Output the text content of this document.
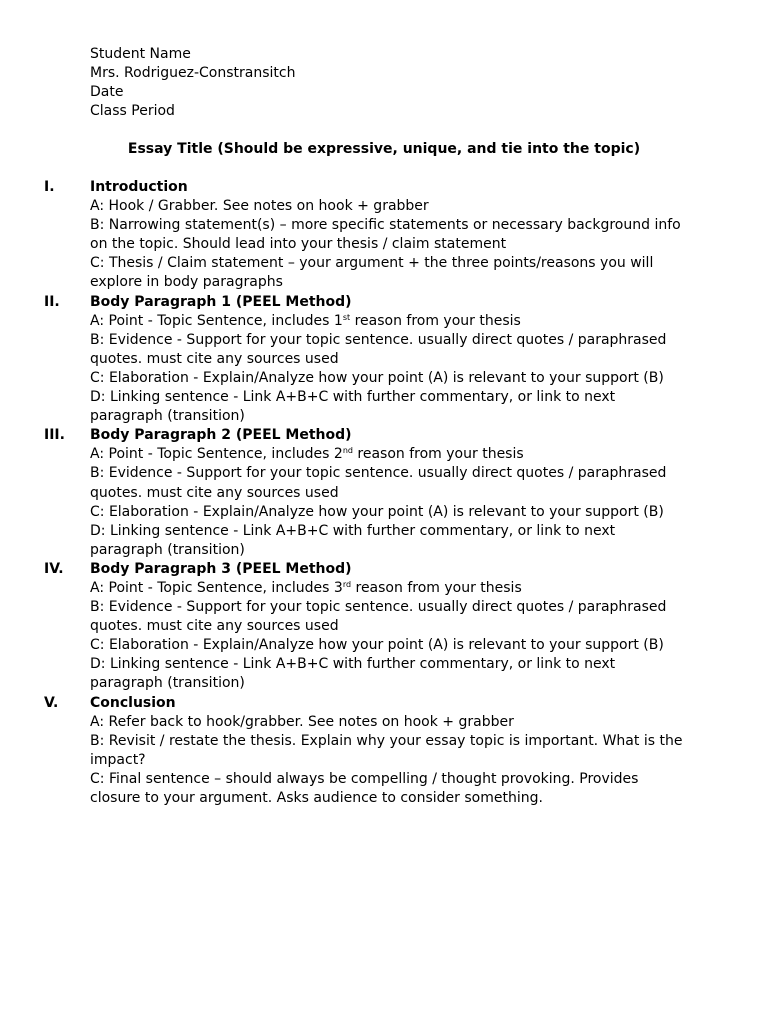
Student Name
Mrs. Rodriguez-Constransitch
Date
Class Period
Essay Title (Should be expressive, unique, and tie into the topic)
I.	Introduction
A: Hook / Grabber. See notes on hook + grabber
B: Narrowing statement(s) – more specific statements or necessary background info on the topic. Should lead into your thesis / claim statement
C: Thesis / Claim statement – your argument + the three points/reasons you will explore in body paragraphs
II. Body Paragraph 1 (PEEL Method)
A: Point - Topic Sentence, includes 1st reason from your thesis
B: Evidence - Support for your topic sentence. usually direct quotes / paraphrased quotes. must cite any sources used
C: Elaboration - Explain/Analyze how your point (A) is relevant to your support (B)
D: Linking sentence - Link A+B+C with further commentary, or link to next paragraph (transition)
III. Body Paragraph 2 (PEEL Method)
A: Point - Topic Sentence, includes 2nd reason from your thesis
B: Evidence - Support for your topic sentence. usually direct quotes / paraphrased quotes. must cite any sources used
C: Elaboration - Explain/Analyze how your point (A) is relevant to your support (B)
D: Linking sentence - Link A+B+C with further commentary, or link to next paragraph (transition)
IV. Body Paragraph 3 (PEEL Method)
A: Point - Topic Sentence, includes 3rd reason from your thesis
B: Evidence - Support for your topic sentence. usually direct quotes / paraphrased quotes. must cite any sources used
C: Elaboration - Explain/Analyze how your point (A) is relevant to your support (B)
D: Linking sentence - Link A+B+C with further commentary, or link to next paragraph (transition)
V. Conclusion
A: Refer back to hook/grabber. See notes on hook + grabber
B: Revisit / restate the thesis. Explain why your essay topic is important. What is the impact?
C: Final sentence – should always be compelling / thought provoking. Provides closure to your argument. Asks audience to consider something.
